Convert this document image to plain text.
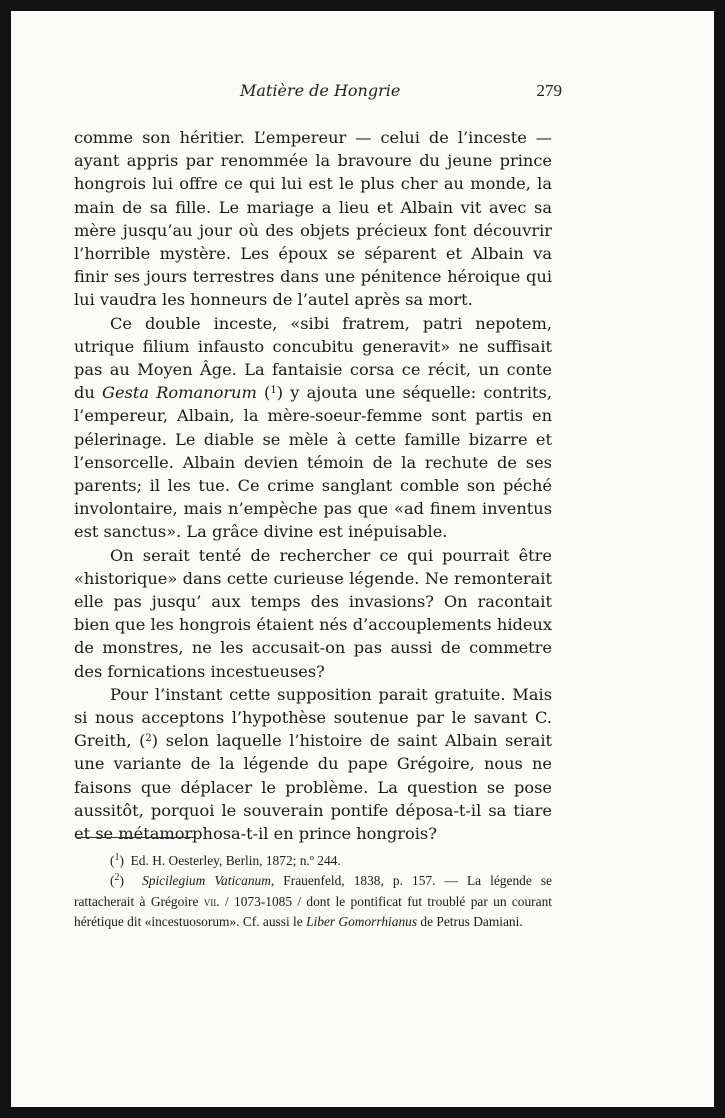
Matière de Hongrie	279

comme son héritier. L’empereur — celui de l’inceste — ayant appris par renommée la bravoure du jeune prince hongrois lui offre ce qui lui est le plus cher au monde, la main de sa fille. Le mariage a lieu et Albain vit avec sa mère jusqu’au jour où des objets précieux font découvrir l’horrible mystère. Les époux se séparent et Albain va finir ses jours terrestres dans une pénitence héroique qui lui vaudra les honneurs de l’autel après sa mort.

Ce double inceste, «sibi fratrem, patri nepotem, utrique filium infausto concubitu generavit» ne suffisait pas au Moyen Âge. La fantaisie corsa ce récit, un conte du Gesta Romanorum ($^1$) y ajouta une séquelle: contrits, l’empereur, Albain, la mère-soeur-femme sont partis en pélerinage. Le diable se mèle à cette famille bizarre et l’ensorcelle. Albain devien témoin de la rechute de ses parents; il les tue. Ce crime sanglant comble son péché involontaire, mais n’empèche pas que «ad finem inventus est sanctus». La grâce divine est inépuisable.

On serait tenté de rechercher ce qui pourrait être «historique» dans cette curieuse légende. Ne remonterait elle pas jusqu’ aux temps des invasions? On racontait bien que les hongrois étaient nés d’accouplements hideux de monstres, ne les accusait-on pas aussi de commetre des fornications incestueuses?

Pour l’instant cette supposition parait gratuite. Mais si nous acceptons l’hypothèse soutenue par le savant C. Greith, ($^2$) selon laquelle l’histoire de saint Albain serait une variante de la légende du pape Grégoire, nous ne faisons que déplacer le problème. La question se pose aussitôt, porquoi le souverain pontife déposa-t-il sa tiare et se métamorphosa-t-il en prince hongrois?

($^1$)  Ed. H. Oesterley, Berlin, 1872; n.º 244.

($^2$)  Spicilegium Vaticanum, Frauenfeld, 1838, p. 157. — La légende se rattacherait à Grégoire vii. / 1073-1085 / dont le pontificat fut troublé par un courant hérétique dit «incestuosorum». Cf. aussi le Liber Gomorrhianus de Petrus Damiani.
